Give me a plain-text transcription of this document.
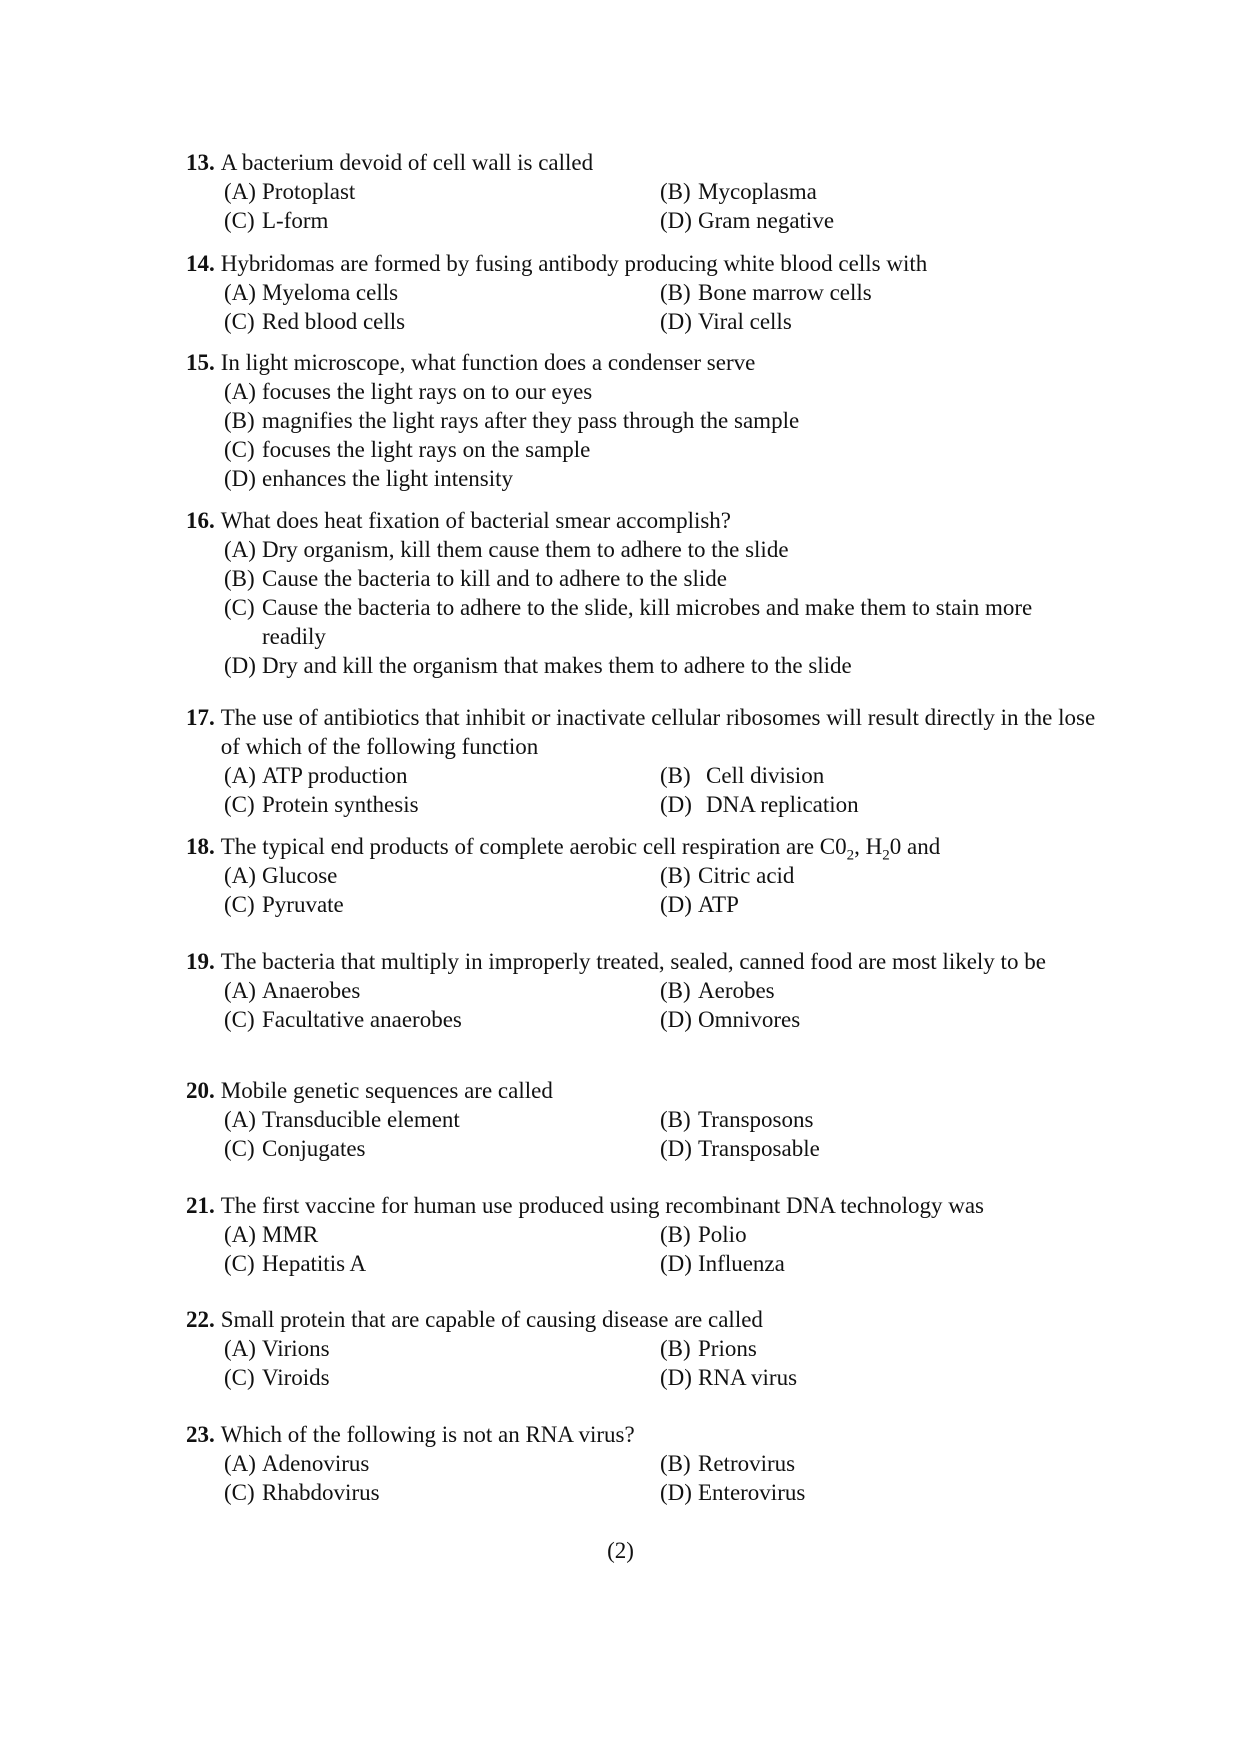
13. A bacterium devoid of cell wall is called
(A) Protoplast	(B) Mycoplasma
(C) L-form	(D) Gram negative
14. Hybridomas are formed by fusing antibody producing white blood cells with
(A) Myeloma cells	(B) Bone marrow cells
(C) Red blood cells	(D) Viral cells
15. In light microscope, what function does a condenser serve
(A) focuses the light rays on to our eyes
(B) magnifies the light rays after they pass through the sample
(C) focuses the light rays on the sample
(D) enhances the light intensity
16. What does heat fixation of bacterial smear accomplish?
(A) Dry organism, kill them cause them to adhere to the slide
(B) Cause the bacteria to kill and to adhere to the slide
(C) Cause the bacteria to adhere to the slide, kill microbes and make them to stain more readily
(D) Dry and kill the organism that makes them to adhere to the slide
17. The use of antibiotics that inhibit or inactivate cellular ribosomes will result directly in the lose of which of the following function
(A) ATP production	(B) Cell division
(C) Protein synthesis	(D) DNA replication
18. The typical end products of complete aerobic cell respiration are $C0_2$, $H_20$ and
(A) Glucose	(B) Citric acid
(C) Pyruvate	(D) ATP
19. The bacteria that multiply in improperly treated, sealed, canned food are most likely to be
(A) Anaerobes	(B) Aerobes
(C) Facultative anaerobes	(D) Omnivores
20. Mobile genetic sequences are called
(A) Transducible element	(B) Transposons
(C) Conjugates	(D) Transposable
21. The first vaccine for human use produced using recombinant DNA technology was
(A) MMR	(B) Polio
(C) Hepatitis A	(D) Influenza
22. Small protein that are capable of causing disease are called
(A) Virions	(B) Prions
(C) Viroids	(D) RNA virus
23. Which of the following is not an RNA virus?
(A) Adenovirus	(B) Retrovirus
(C) Rhabdovirus	(D) Enterovirus
(2)
